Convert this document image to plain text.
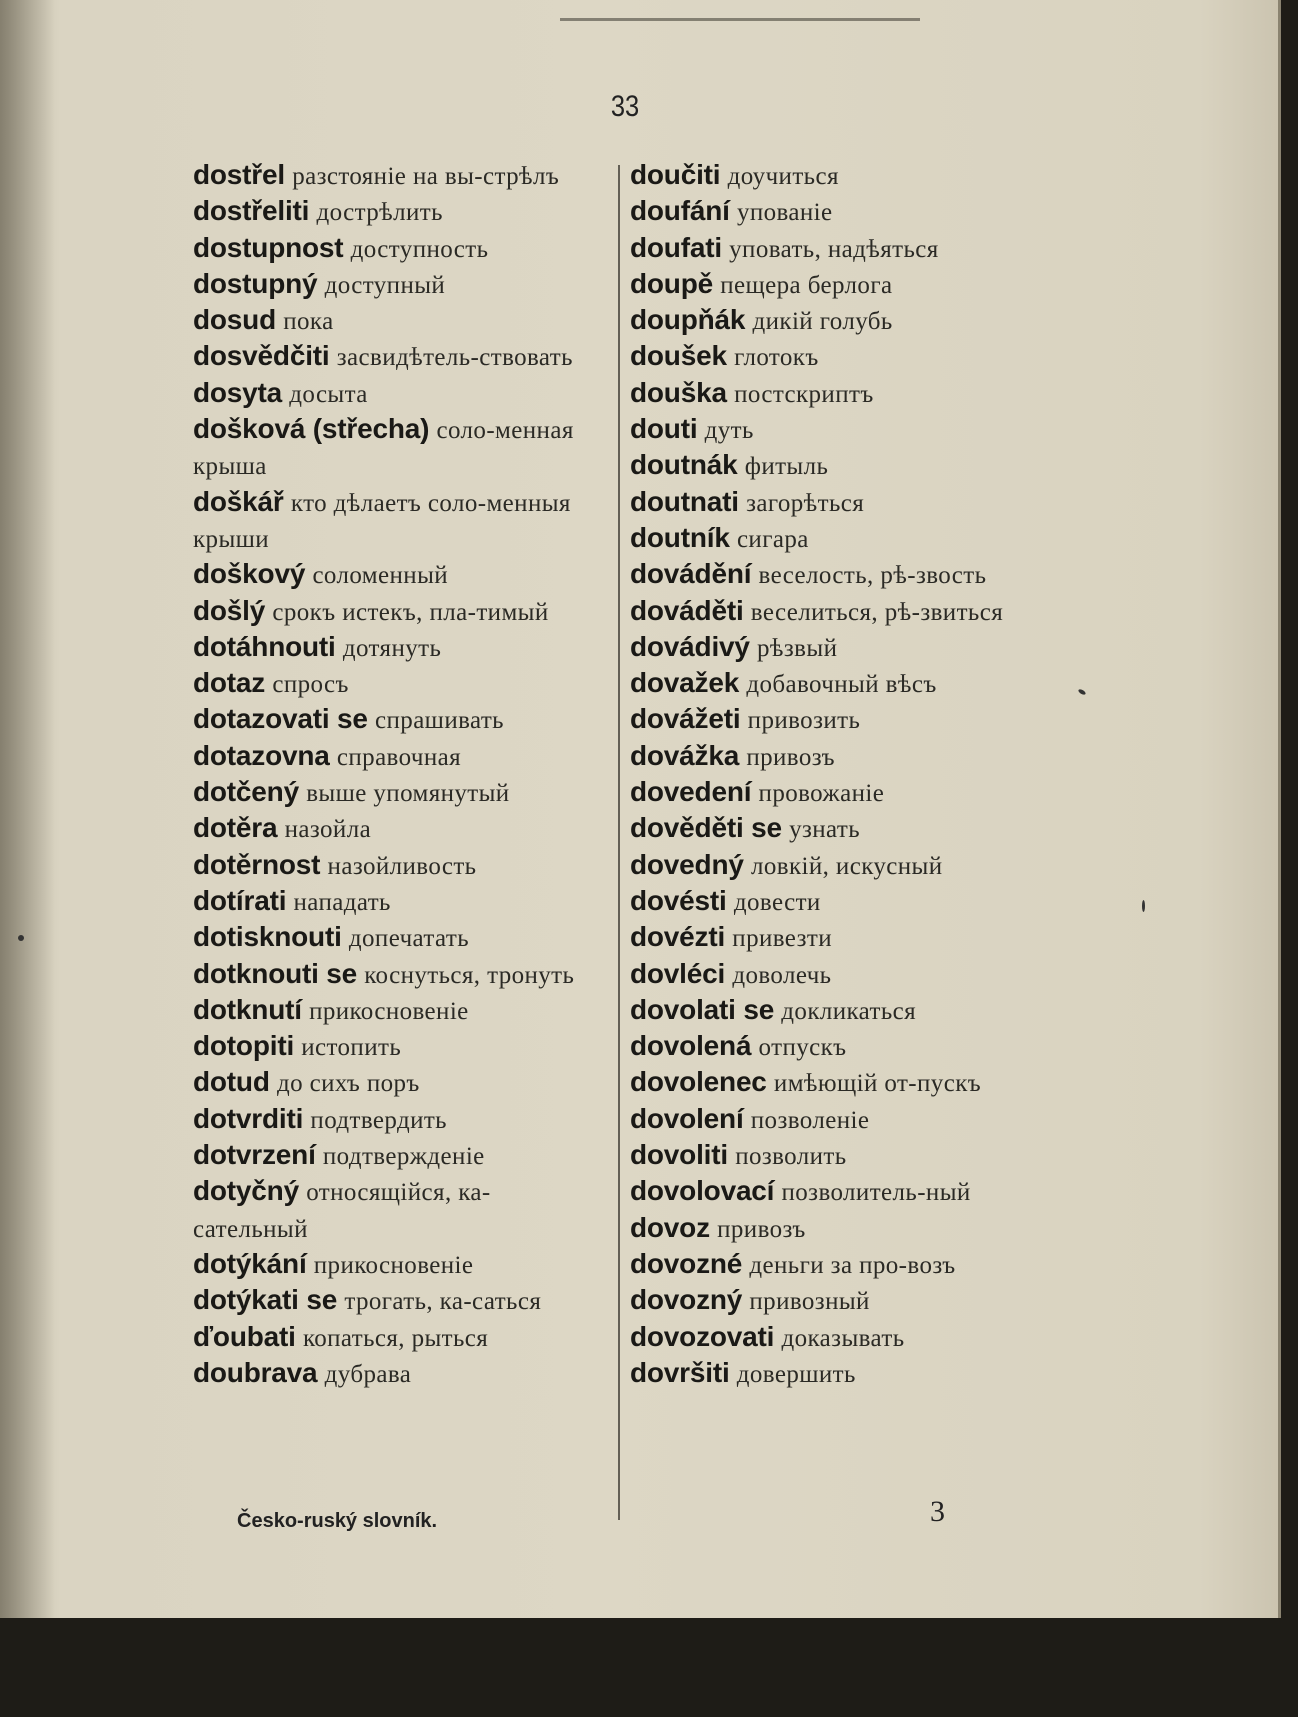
33

dostřel разстояніе на вы-стрѣлъ

dostřeliti дострѣлить

dostupnost доступность

dostupný доступный

dosud пока

dosvědčiti засвидѣтель-ствовать

dosyta досыта

došková (střecha) соло-менная крыша

doškář кто дѣлаетъ соло-менныя крыши

doškový соломенный

došlý срокъ истекъ, пла-тимый

dotáhnouti дотянуть

dotaz спросъ

dotazovati se спрашивать

dotazovna справочная

dotčený выше упомянутый

dotěra назойла

dotěrnost назойливость

dotírati нападать

dotisknouti допечатать

dotknouti se коснуться, тронуть

dotknutí прикосновеніе

dotopiti истопить

dotud до сихъ поръ

dotvrditi подтвердить

dotvrzení подтвержденіе

dotyčný относящійся, ка-сательный

dotýkání прикосновеніе

dotýkati se трогать, ка-саться

ďoubati копаться, рыться

doubrava дубрава

doučiti доучиться

doufání упованіе

doufati уповать, надѣяться

doupě пещера берлога

doupňák дикій голубь

doušek глотокъ

douška постскриптъ

douti дуть

doutnák фитыль

doutnati загорѣться

doutník сигара

dovádění веселость, рѣ-звость

dováděti веселиться, рѣ-звиться

dovádivý рѣзвый

dovažek добавочный вѣсъ

dovážeti привозить

dovážka привозъ

dovedení провожаніе

dověděti se узнать

dovedný ловкій, искусный

dovésti довести

dovézti привезти

dovléci доволечь

dovolati se докликаться

dovolená отпускъ

dovolenec имѣющій от-пускъ

dovolení позволеніе

dovoliti позволить

dovolovací позволитель-ный

dovoz привозъ

dovozné деньги за про-возъ

dovozný привозный

dovozovati доказывать

dovršiti довершить

Česko-ruský slovník.	3
